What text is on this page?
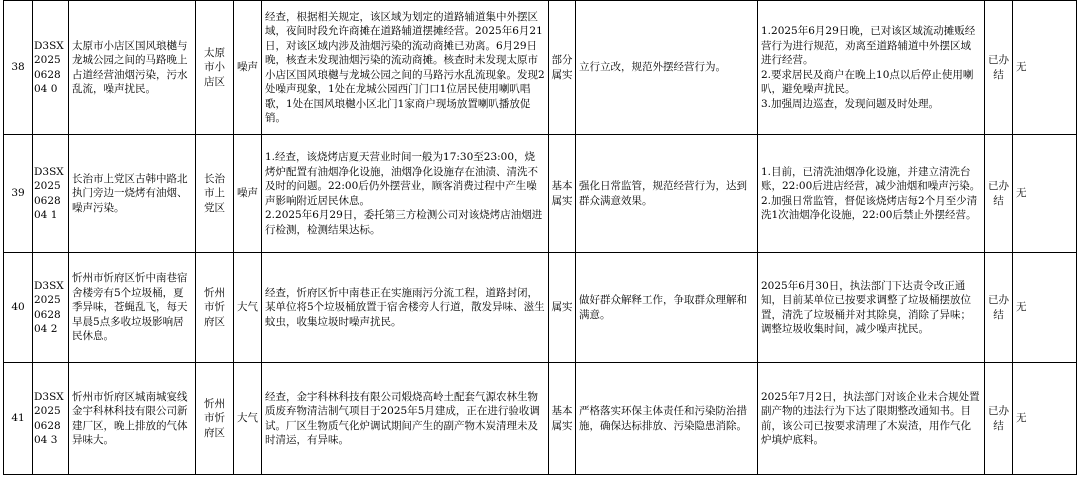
38	D3SX2025062804 0	太原市小店区国风琅樾与龙城公园之间的马路晚上占道经营油烟污染，污水乱流，噪声扰民。	太原市小店区	噪声	经查，根据相关规定，该区域为划定的道路辅道集中外摆区域，夜间时段允许商摊在道路辅道摆摊经营。2025年6月21日，对该区域内涉及油烟污染的流动商摊已劝离。6月29日晚，核查未发现油烟污染的流动商摊。核查时未发现太原市小店区国风琅樾与龙城公园之间的马路污水乱流现象。发现2处噪声现象，1处在龙城公园西门门口1位居民使用喇叭唱歌，1处在国风琅樾小区北门1家商户现场放置喇叭播放促销。	部分属实	立行立改，规范外摆经营行为。	1.2025年6月29日晚，已对该区域流动摊贩经营行为进行规范，劝离至道路辅道中外摆区域进行经营。
2.要求居民及商户在晚上10点以后停止使用喇叭，避免噪声扰民。
3.加强周边巡查，发现问题及时处理。	已办结	无
39	D3SX2025062804 1	长治市上党区古韩中路北执门旁边一烧烤有油烟、噪声污染。	长治市上党区	噪声	1.经查，该烧烤店夏天营业时间一般为17:30至23:00，烧烤炉配置有油烟净化设施，油烟净化设施存在油渍、清洗不及时的问题。22:00后仍外摆营业，顾客消费过程中产生噪声影响附近居民休息。
2.2025年6月29日，委托第三方检测公司对该烧烤店油烟进行检测，检测结果达标。	基本属实	强化日常监管，规范经营行为，达到群众满意效果。	1.目前，已清洗油烟净化设施，并建立清洗台账，22:00后进店经营，减少油烟和噪声污染。
2.加强日常监管，督促该烧烤店每2个月至少清洗1次油烟净化设施，22:00后禁止外摆经营。	已办结	无
40	D3SX2025062804 2	忻州市忻府区忻中南巷宿舍楼旁有5个垃圾桶，夏季异味，苍蝇乱飞，每天早晨5点多收垃圾影响居民休息。	忻州市忻府区	大气	经查，忻府区忻中南巷正在实施雨污分流工程，道路封闭，某单位将5个垃圾桶放置于宿舍楼旁人行道，散发异味、滋生蚊虫，收集垃圾时噪声扰民。	属实	做好群众解释工作，争取群众理解和满意。	2025年6月30日，执法部门下达责令改正通知，目前某单位已按要求调整了垃圾桶摆放位置，清洗了垃圾桶并对其除臭，消除了异味；调整垃圾收集时间，减少噪声扰民。	已办结	无
41	D3SX2025062804 3	忻州市忻府区城南城宴线金宇科林科技有限公司新建厂区，晚上排放的气体异味大。	忻州市忻府区	大气	经查，金宇科林科技有限公司煅烧高岭土配套气源农林生物质废弃物清洁制气项目于2025年5月建成，正在进行验收调试。厂区生物质气化炉调试期间产生的副产物木炭清理未及时清运，有异味。	基本属实	严格落实环保主体责任和污染防治措施，确保达标排放、污染隐患消除。	2025年7月2日，执法部门对该企业未合规处置副产物的违法行为下达了限期整改通知书。目前，该公司已按要求清理了木炭渣，用作气化炉填炉底料。	已办结	无
